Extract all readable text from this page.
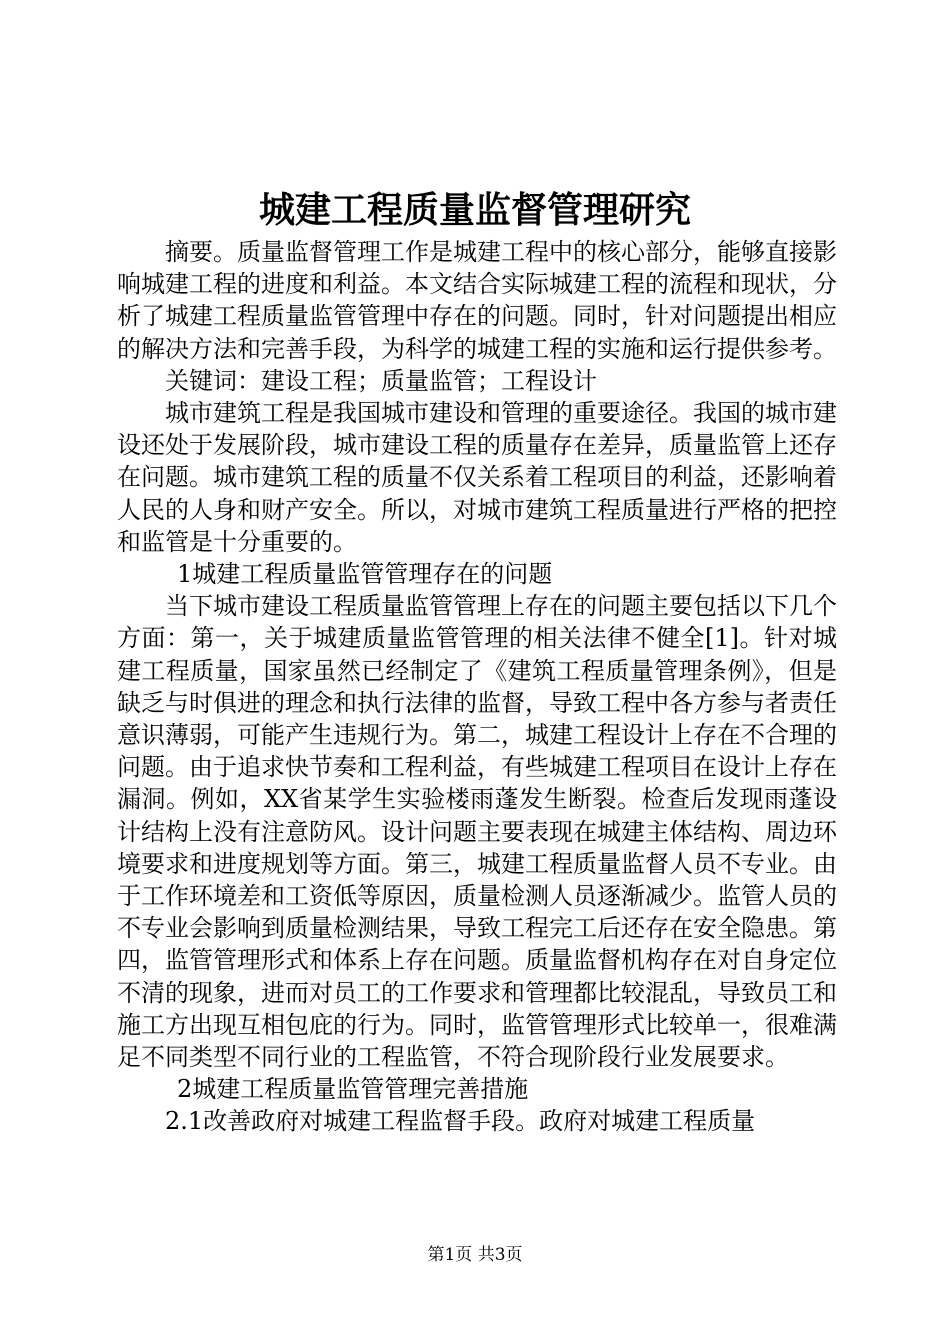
城建工程质量监督管理研究

摘要。质量监督管理工作是城建工程中的核心部分，能够直接影响城建工程的进度和利益。本文结合实际城建工程的流程和现状，分析了城建工程质量监管管理中存在的问题。同时，针对问题提出相应的解决方法和完善手段，为科学的城建工程的实施和运行提供参考。

关键词：建设工程；质量监管；工程设计

城市建筑工程是我国城市建设和管理的重要途径。我国的城市建设还处于发展阶段，城市建设工程的质量存在差异，质量监管上还存在问题。城市建筑工程的质量不仅关系着工程项目的利益，还影响着人民的人身和财产安全。所以，对城市建筑工程质量进行严格的把控和监管是十分重要的。

1城建工程质量监管管理存在的问题

当下城市建设工程质量监管管理上存在的问题主要包括以下几个方面：第一，关于城建质量监管管理的相关法律不健全[1]。针对城建工程质量，国家虽然已经制定了《建筑工程质量管理条例》，但是缺乏与时俱进的理念和执行法律的监督，导致工程中各方参与者责任意识薄弱，可能产生违规行为。第二，城建工程设计上存在不合理的问题。由于追求快节奏和工程利益，有些城建工程项目在设计上存在漏洞。例如，XX省某学生实验楼雨蓬发生断裂。检查后发现雨蓬设计结构上没有注意防风。设计问题主要表现在城建主体结构、周边环境要求和进度规划等方面。第三，城建工程质量监督人员不专业。由于工作环境差和工资低等原因，质量检测人员逐渐减少。监管人员的不专业会影响到质量检测结果，导致工程完工后还存在安全隐患。第四，监管管理形式和体系上存在问题。质量监督机构存在对自身定位不清的现象，进而对员工的工作要求和管理都比较混乱，导致员工和施工方出现互相包庇的行为。同时，监管管理形式比较单一，很难满足不同类型不同行业的工程监管，不符合现阶段行业发展要求。

2城建工程质量监管管理完善措施

2.1改善政府对城建工程监督手段。政府对城建工程质量

第1页 共3页
